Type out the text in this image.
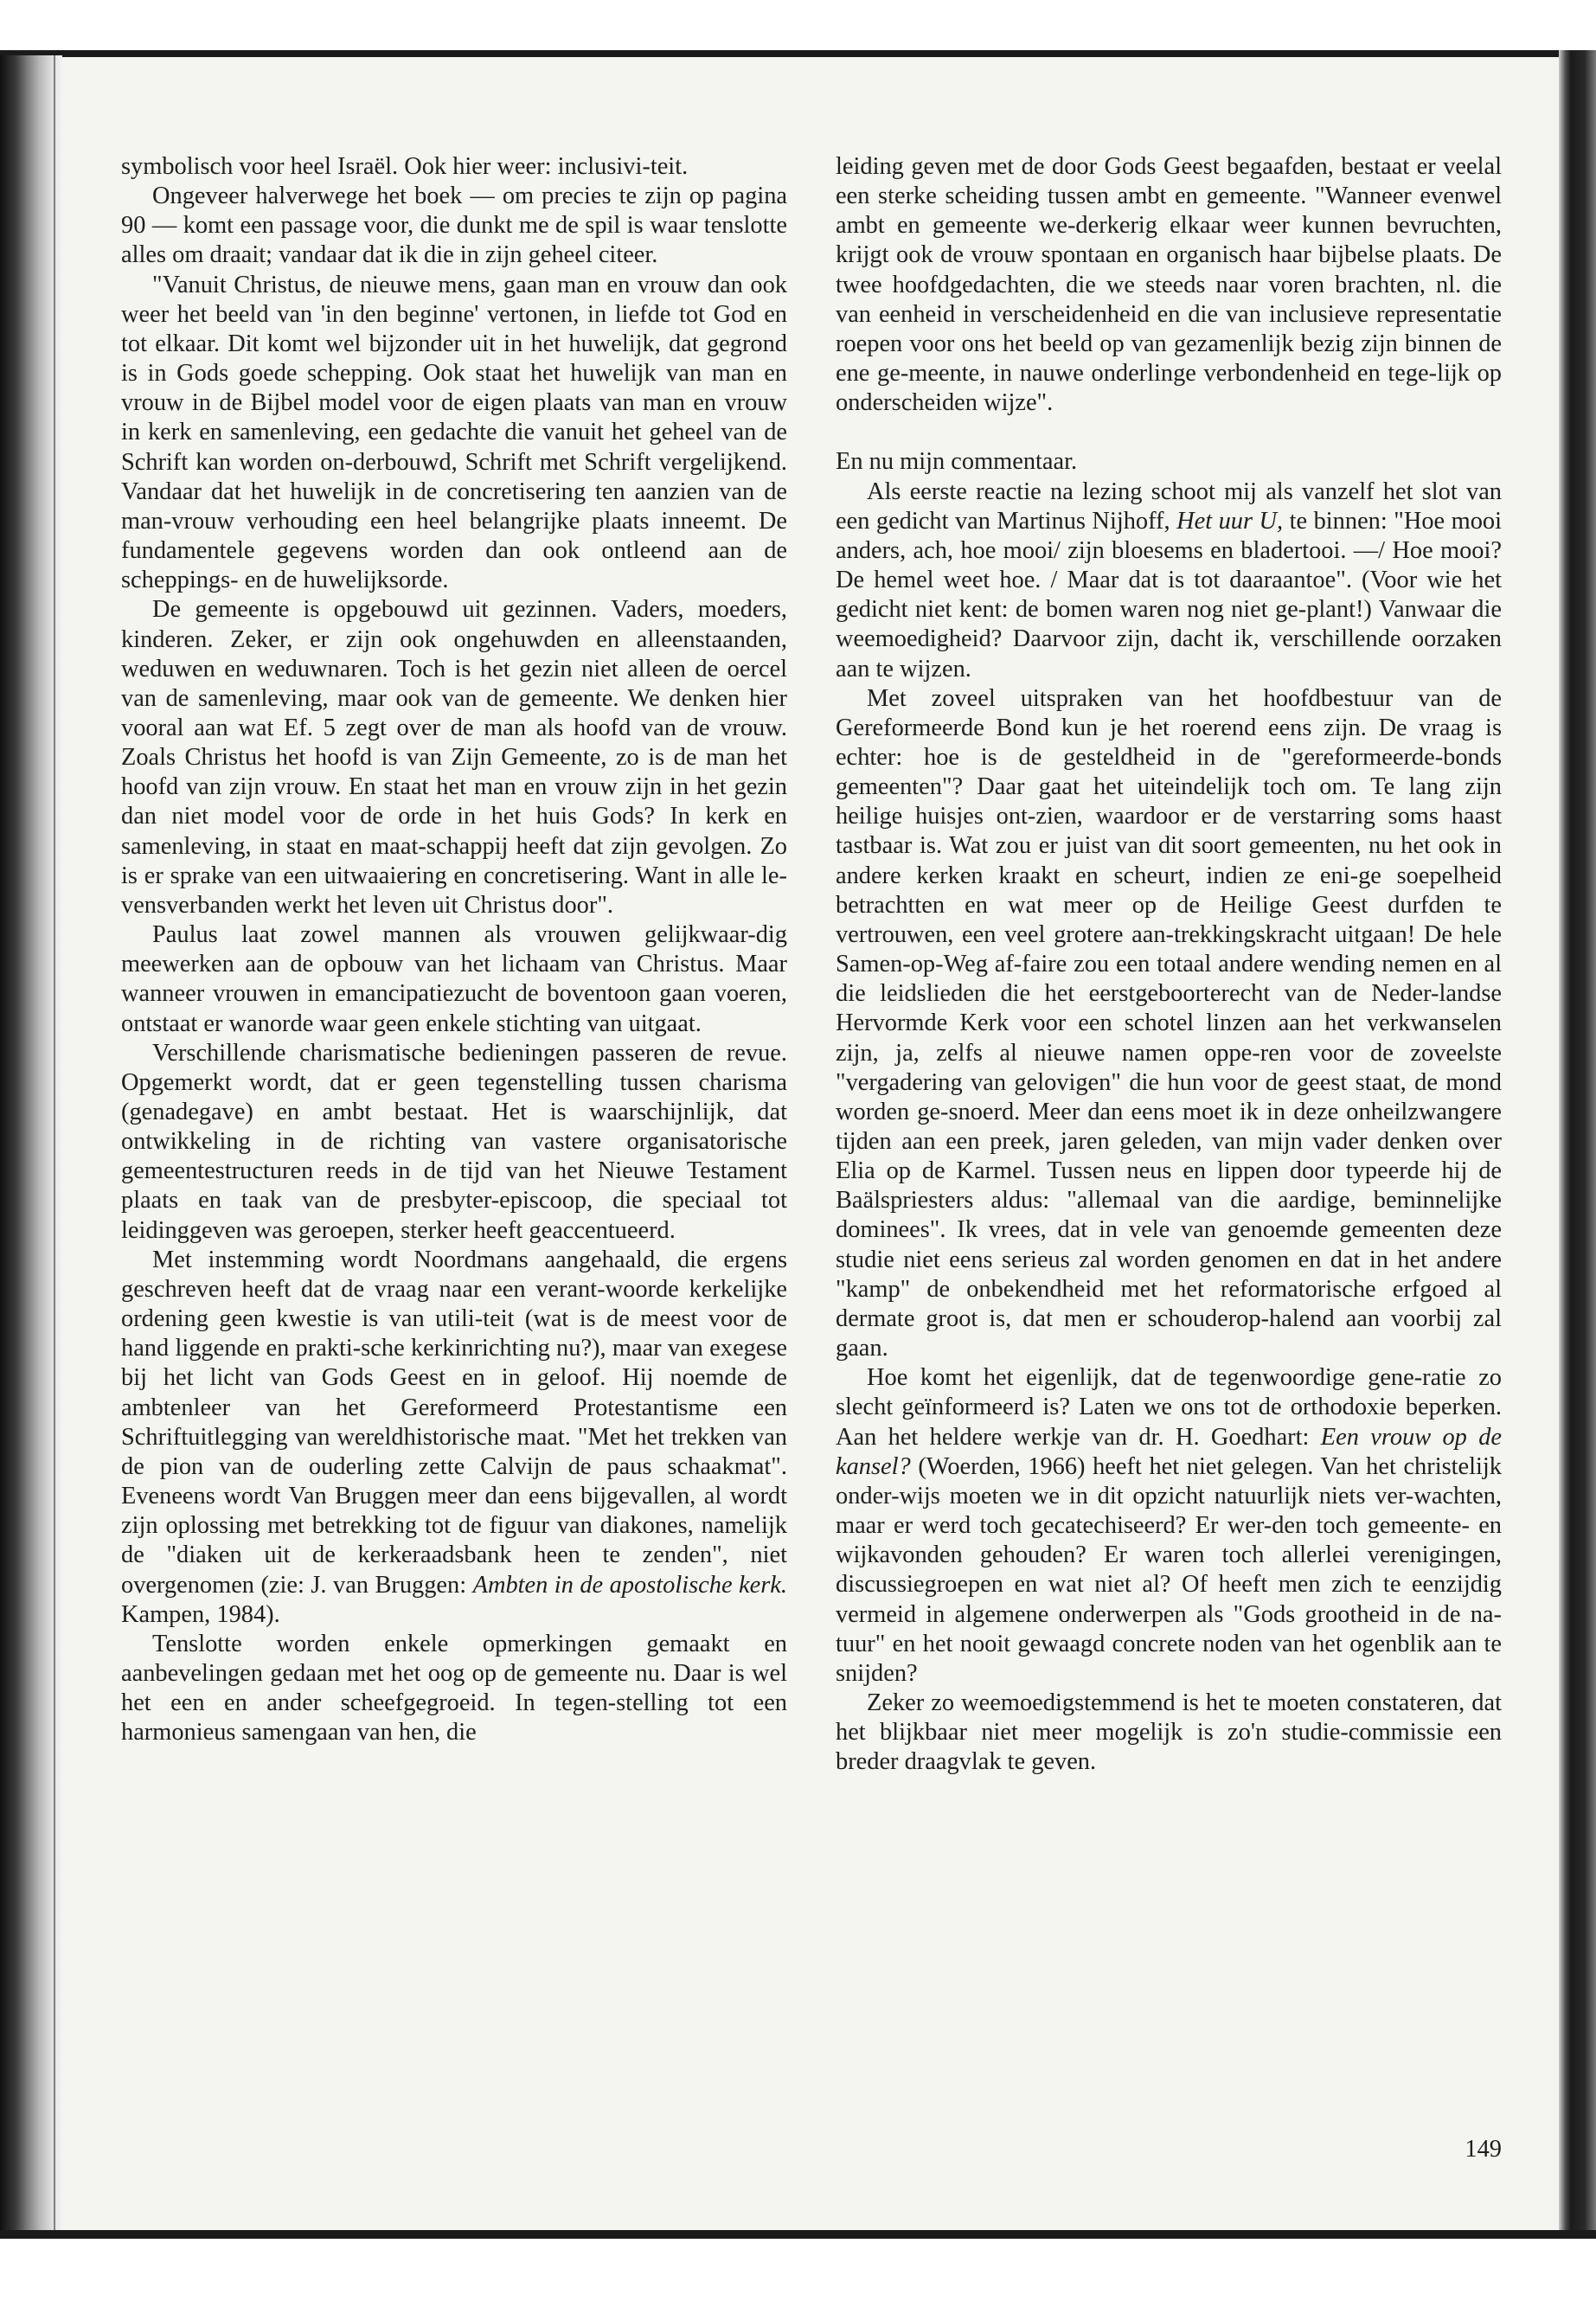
symbolisch voor heel Israël. Ook hier weer: inclusivi-teit.

Ongeveer halverwege het boek — om precies te zijn op pagina 90 — komt een passage voor, die dunkt me de spil is waar tenslotte alles om draait; vandaar dat ik die in zijn geheel citeer.

"Vanuit Christus, de nieuwe mens, gaan man en vrouw dan ook weer het beeld van 'in den beginne' vertonen, in liefde tot God en tot elkaar. Dit komt wel bijzonder uit in het huwelijk, dat gegrond is in Gods goede schepping. Ook staat het huwelijk van man en vrouw in de Bijbel model voor de eigen plaats van man en vrouw in kerk en samenleving, een gedachte die vanuit het geheel van de Schrift kan worden on-derbouwd, Schrift met Schrift vergelijkend. Vandaar dat het huwelijk in de concretisering ten aanzien van de man-vrouw verhouding een heel belangrijke plaats inneemt. De fundamentele gegevens worden dan ook ontleend aan de scheppings- en de huwelijksorde.

De gemeente is opgebouwd uit gezinnen. Vaders, moeders, kinderen. Zeker, er zijn ook ongehuwden en alleenstaanden, weduwen en weduwnaren. Toch is het gezin niet alleen de oercel van de samenleving, maar ook van de gemeente. We denken hier vooral aan wat Ef. 5 zegt over de man als hoofd van de vrouw. Zoals Christus het hoofd is van Zijn Gemeente, zo is de man het hoofd van zijn vrouw. En staat het man en vrouw zijn in het gezin dan niet model voor de orde in het huis Gods? In kerk en samenleving, in staat en maat-schappij heeft dat zijn gevolgen. Zo is er sprake van een uitwaaiering en concretisering. Want in alle le-vensverbanden werkt het leven uit Christus door".

Paulus laat zowel mannen als vrouwen gelijkwaar-dig meewerken aan de opbouw van het lichaam van Christus. Maar wanneer vrouwen in emancipatiezucht de boventoon gaan voeren, ontstaat er wanorde waar geen enkele stichting van uitgaat.

Verschillende charismatische bedieningen passeren de revue. Opgemerkt wordt, dat er geen tegenstelling tussen charisma (genadegave) en ambt bestaat. Het is waarschijnlijk, dat ontwikkeling in de richting van vastere organisatorische gemeentestructuren reeds in de tijd van het Nieuwe Testament plaats en taak van de presbyter-episcoop, die speciaal tot leidinggeven was geroepen, sterker heeft geaccentueerd.

Met instemming wordt Noordmans aangehaald, die ergens geschreven heeft dat de vraag naar een verant-woorde kerkelijke ordening geen kwestie is van utili-teit (wat is de meest voor de hand liggende en prakti-sche kerkinrichting nu?), maar van exegese bij het licht van Gods Geest en in geloof. Hij noemde de ambtenleer van het Gereformeerd Protestantisme een Schriftuitlegging van wereldhistorische maat. "Met het trekken van de pion van de ouderling zette Calvijn de paus schaakmat". Eveneens wordt Van Bruggen meer dan eens bijgevallen, al wordt zijn oplossing met betrekking tot de figuur van diakones, namelijk de "diaken uit de kerkeraadsbank heen te zenden", niet overgenomen (zie: J. van Bruggen: Ambten in de apostolische kerk. Kampen, 1984).

Tenslotte worden enkele opmerkingen gemaakt en aanbevelingen gedaan met het oog op de gemeente nu. Daar is wel het een en ander scheefgegroeid. In tegen-stelling tot een harmonieus samengaan van hen, die

leiding geven met de door Gods Geest begaafden, bestaat er veelal een sterke scheiding tussen ambt en gemeente. "Wanneer evenwel ambt en gemeente we-derkerig elkaar weer kunnen bevruchten, krijgt ook de vrouw spontaan en organisch haar bijbelse plaats. De twee hoofdgedachten, die we steeds naar voren brachten, nl. die van eenheid in verscheidenheid en die van inclusieve representatie roepen voor ons het beeld op van gezamenlijk bezig zijn binnen de ene ge-meente, in nauwe onderlinge verbondenheid en tege-lijk op onderscheiden wijze".

En nu mijn commentaar.

Als eerste reactie na lezing schoot mij als vanzelf het slot van een gedicht van Martinus Nijhoff, Het uur U, te binnen: "Hoe mooi anders, ach, hoe mooi/ zijn bloesems en bladertooi. —/ Hoe mooi? De hemel weet hoe. / Maar dat is tot daaraantoe". (Voor wie het gedicht niet kent: de bomen waren nog niet ge-plant!) Vanwaar die weemoedigheid? Daarvoor zijn, dacht ik, verschillende oorzaken aan te wijzen.

Met zoveel uitspraken van het hoofdbestuur van de Gereformeerde Bond kun je het roerend eens zijn. De vraag is echter: hoe is de gesteldheid in de "gereformeerde-bonds gemeenten"? Daar gaat het uiteindelijk toch om. Te lang zijn heilige huisjes ont-zien, waardoor er de verstarring soms haast tastbaar is. Wat zou er juist van dit soort gemeenten, nu het ook in andere kerken kraakt en scheurt, indien ze eni-ge soepelheid betrachtten en wat meer op de Heilige Geest durfden te vertrouwen, een veel grotere aan-trekkingskracht uitgaan! De hele Samen-op-Weg af-faire zou een totaal andere wending nemen en al die leidslieden die het eerstgeboorterecht van de Neder-landse Hervormde Kerk voor een schotel linzen aan het verkwanselen zijn, ja, zelfs al nieuwe namen oppe-ren voor de zoveelste "vergadering van gelovigen" die hun voor de geest staat, de mond worden ge-snoerd. Meer dan eens moet ik in deze onheilzwangere tijden aan een preek, jaren geleden, van mijn vader denken over Elia op de Karmel. Tussen neus en lippen door typeerde hij de Baälspriesters aldus: "allemaal van die aardige, beminnelijke dominees". Ik vrees, dat in vele van genoemde gemeenten deze studie niet eens serieus zal worden genomen en dat in het andere "kamp" de onbekendheid met het reformatorische erfgoed al dermate groot is, dat men er schouderop-halend aan voorbij zal gaan.

Hoe komt het eigenlijk, dat de tegenwoordige gene-ratie zo slecht geïnformeerd is? Laten we ons tot de orthodoxie beperken. Aan het heldere werkje van dr. H. Goedhart: Een vrouw op de kansel? (Woerden, 1966) heeft het niet gelegen. Van het christelijk onder-wijs moeten we in dit opzicht natuurlijk niets ver-wachten, maar er werd toch gecatechiseerd? Er wer-den toch gemeente- en wijkavonden gehouden? Er waren toch allerlei verenigingen, discussiegroepen en wat niet al? Of heeft men zich te eenzijdig vermeid in algemene onderwerpen als "Gods grootheid in de na-tuur" en het nooit gewaagd concrete noden van het ogenblik aan te snijden?

Zeker zo weemoedigstemmend is het te moeten constateren, dat het blijkbaar niet meer mogelijk is zo'n studie-commissie een breder draagvlak te geven.

149
